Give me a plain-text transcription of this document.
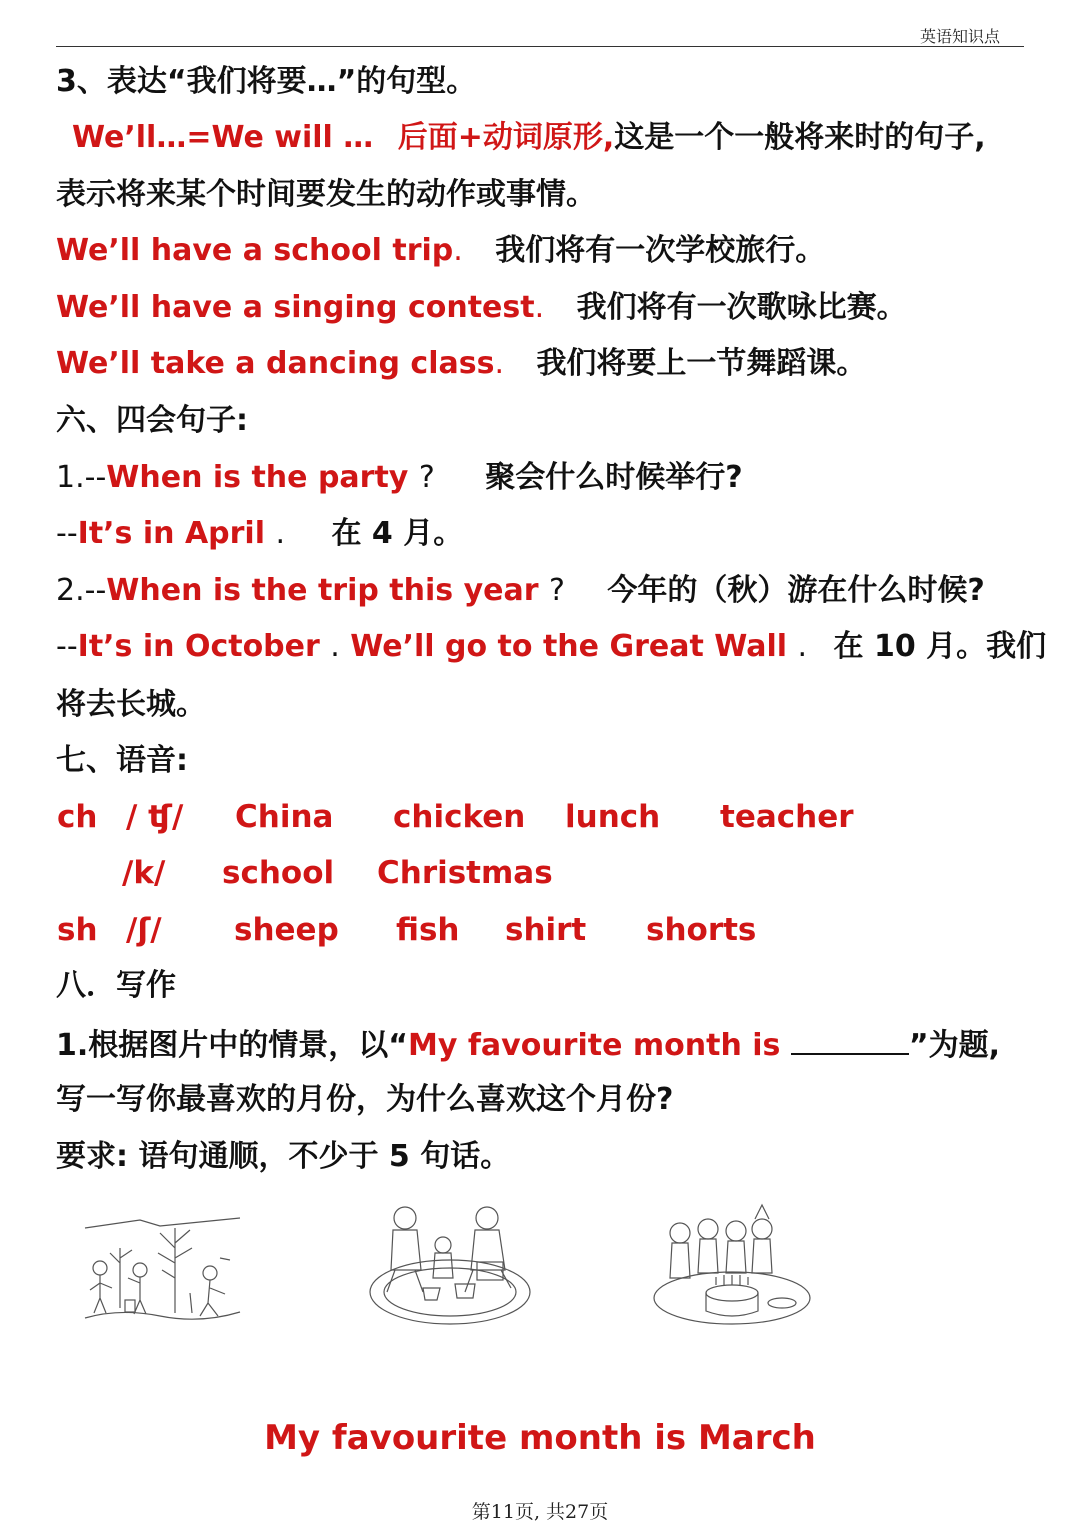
英语知识点
3、表达“我们将要…”的句型。
We’ll…=We will … 后面+动词原形,这是一个一般将来时的句子,
表示将来某个时间要发生的动作或事情。
We’ll have a school trip. 我们将有一次学校旅行。
We’ll have a singing contest. 我们将有一次歌咏比赛。
We’ll take a dancing class. 我们将要上一节舞蹈课。
六、四会句子:
1.--When is the party ? 聚会什么时候举行?
--It’s in April . 在 4 月。
2.--When is the trip this year ? 今年的（秋）游在什么时候?
--It’s in October . We’ll go to the Great Wall . 在 10 月。我们
将去长城。
七、语音:
ch / ʧ/ China chicken lunch teacher
/k/ school Christmas
sh /ʃ/ sheep fish shirt shorts
八．写作
1.根据图片中的情景，以“My favourite month is	”为题,
写一写你最喜欢的月份，为什么喜欢这个月份?
要求: 语句通顺，不少于 5 句话。
My favourite month is March
第11页, 共27页
